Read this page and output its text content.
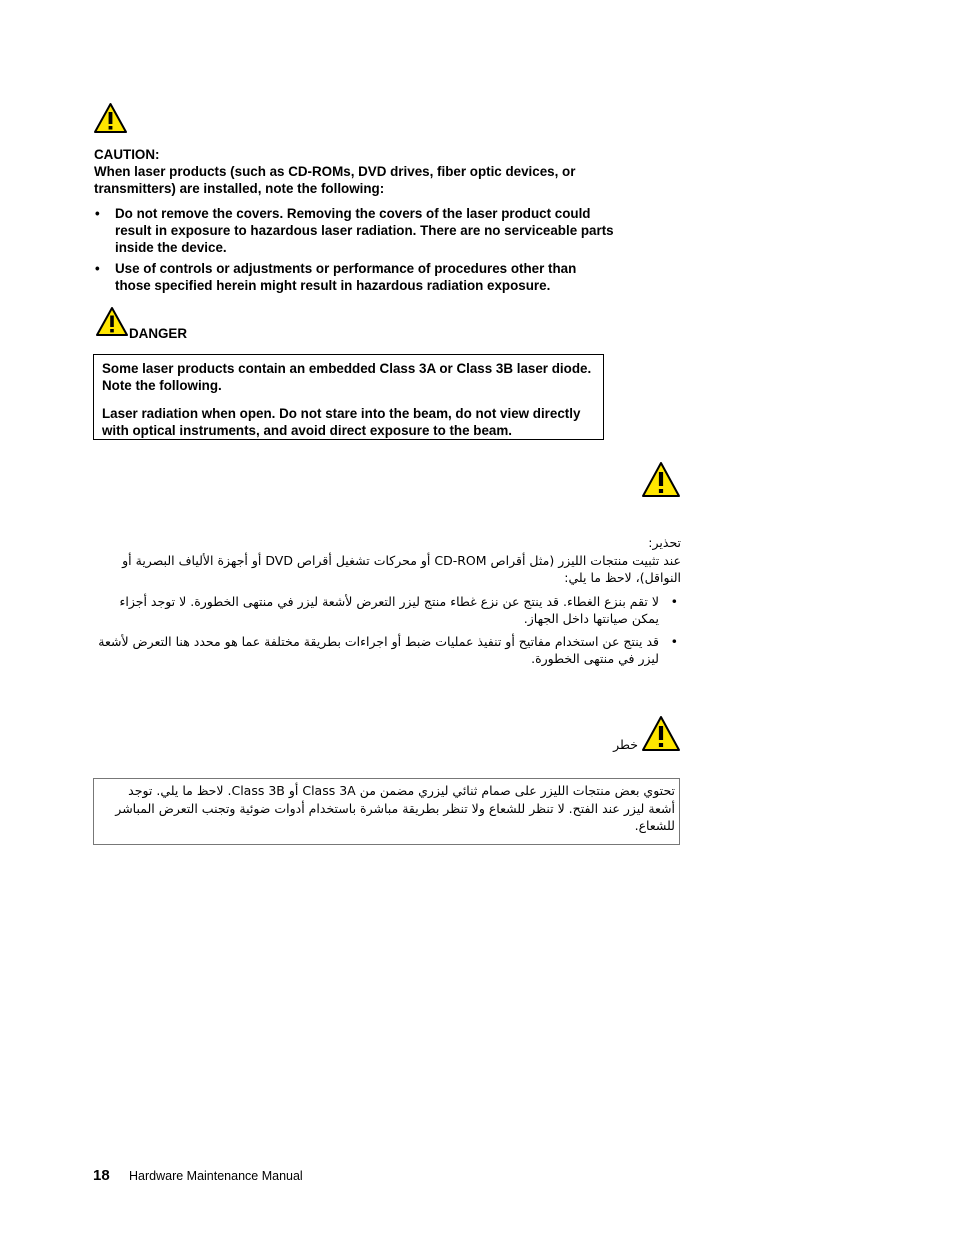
CAUTION:

When laser products (such as CD-ROMs, DVD drives, fiber optic devices, or transmitters) are installed, note the following:

• Do not remove the covers. Removing the covers of the laser product could result in exposure to hazardous laser radiation. There are no serviceable parts inside the device.
• Use of controls or adjustments or performance of procedures other than those specified herein might result in hazardous radiation exposure.
DANGER

Some laser products contain an embedded Class 3A or Class 3B laser diode. Note the following.

Laser radiation when open. Do not stare into the beam, do not view directly with optical instruments, and avoid direct exposure to the beam.

تحذير:

عند تثبيت منتجات الليزر (مثل أقراص CD-ROM أو محركات تشغيل أقراص DVD أو أجهزة الألياف البصرية أو النواقل)، لاحظ ما يلي:

• لا تقم بنزع الغطاء. قد ينتج عن نزع غطاء منتج ليزر التعرض لأشعة ليزر في منتهى الخطورة. لا توجد أجزاء يمكن صيانتها داخل الجهاز.
• قد ينتج عن استخدام مفاتيح أو تنفيذ عمليات ضبط أو اجراءات بطريقة مختلفة عما هو محدد هنا التعرض لأشعة ليزر في منتهى الخطورة.
خطر

تحتوي بعض منتجات الليزر على صمام ثنائي ليزري مضمن من Class 3A أو Class 3B. لاحظ ما يلي. توجد أشعة ليزر عند الفتح. لا تنظر للشعاع ولا تنظر بطريقة مباشرة باستخدام أدوات ضوئية وتجنب التعرض المباشر للشعاع.

18 Hardware Maintenance Manual
